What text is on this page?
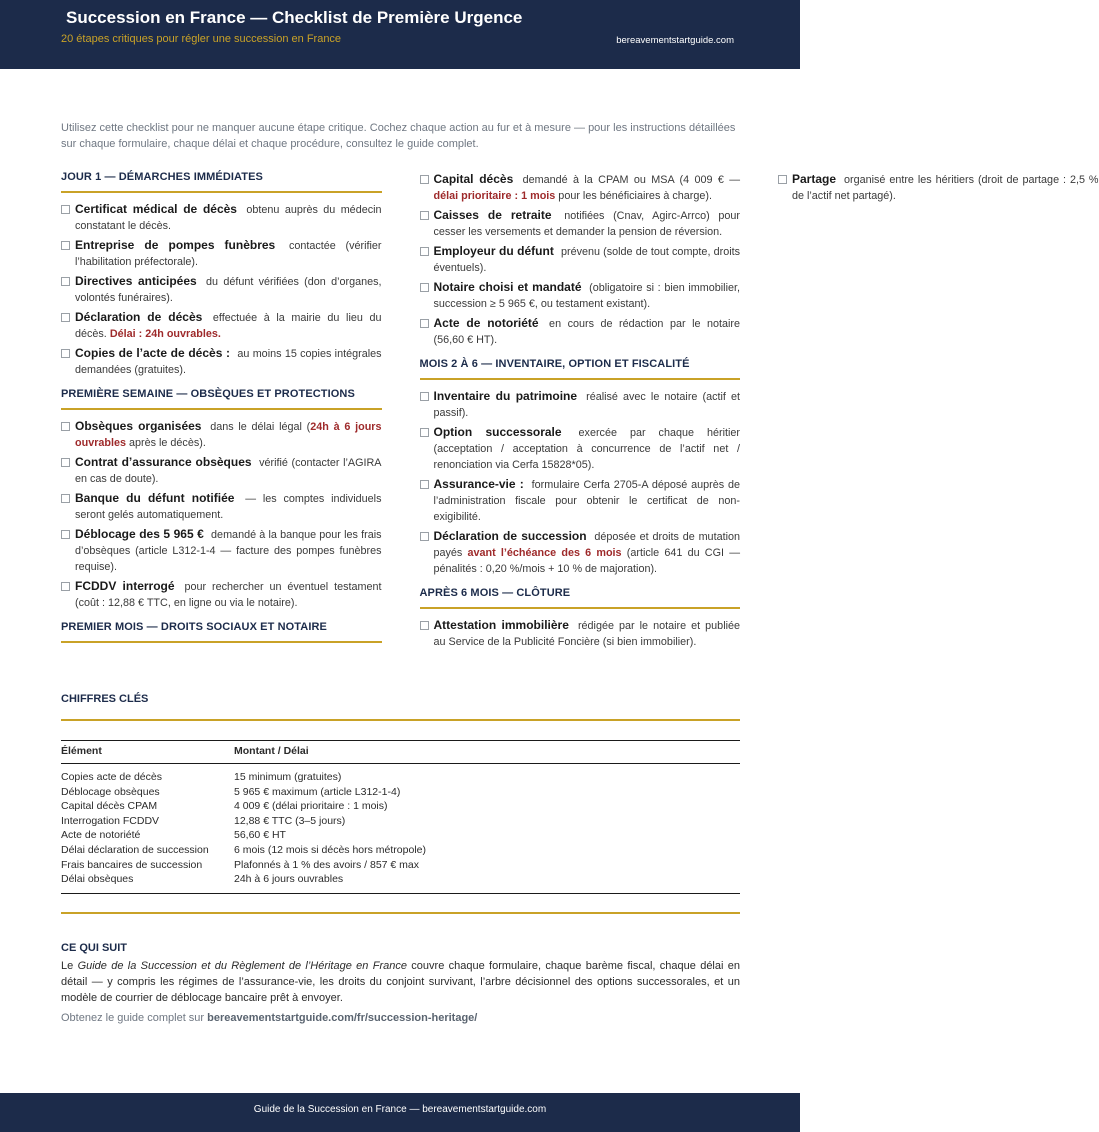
Succession en France — Checklist de Première Urgence
20 étapes critiques pour régler une succession en France	bereavementstartguide.com

Utilisez cette checklist pour ne manquer aucune étape critique. Cochez chaque action au fur et à mesure — pour les instructions détaillées sur chaque formulaire, chaque délai et chaque procédure, consultez le guide complet.

JOUR 1 — DÉMARCHES IMMÉDIATES
Certificat médical de décès obtenu auprès du médecin constatant le décès.
Entreprise de pompes funèbres contactée (vérifier l’habilitation préfectorale).
Directives anticipées du défunt vérifiées (don d’organes, volontés funéraires).
Déclaration de décès effectuée à la mairie du lieu du décès. Délai : 24h ouvrables.
Copies de l’acte de décès : au moins 15 copies intégrales demandées (gratuites).
PREMIÈRE SEMAINE — OBSÈQUES ET PROTECTIONS
Obsèques organisées dans le délai légal (24h à 6 jours ouvrables après le décès).
Contrat d’assurance obsèques vérifié (contacter l’AGIRA en cas de doute).
Banque du défunt notifiée — les comptes individuels seront gelés automatiquement.
Déblocage des 5 965 € demandé à la banque pour les frais d’obsèques (article L312-1-4 — facture des pompes funèbres requise).
FCDDV interrogé pour rechercher un éventuel testament (coût : 12,88 € TTC, en ligne ou via le notaire).
PREMIER MOIS — DROITS SOCIAUX ET NOTAIRE
Capital décès demandé à la CPAM ou MSA (4 009 € — délai prioritaire : 1 mois pour les bénéficiaires à charge).
Caisses de retraite notifiées (Cnav, Agirc-Arrco) pour cesser les versements et demander la pension de réversion.
Employeur du défunt prévenu (solde de tout compte, droits éventuels).
Notaire choisi et mandaté (obligatoire si : bien immobilier, succession ≥ 5 965 €, ou testament existant).
Acte de notoriété en cours de rédaction par le notaire (56,60 € HT).
MOIS 2 À 6 — INVENTAIRE, OPTION ET FISCALITÉ
Inventaire du patrimoine réalisé avec le notaire (actif et passif).
Option successorale exercée par chaque héritier (acceptation / acceptation à concurrence de l’actif net / renonciation via Cerfa 15828*05).
Assurance-vie : formulaire Cerfa 2705-A déposé auprès de l’administration fiscale pour obtenir le certificat de non-exigibilité.
Déclaration de succession déposée et droits de mutation payés avant l’échéance des 6 mois (article 641 du CGI — pénalités : 0,20 %/mois + 10 % de majoration).
APRÈS 6 MOIS — CLÔTURE
Attestation immobilière rédigée par le notaire et publiée au Service de la Publicité Foncière (si bien immobilier).
Partage organisé entre les héritiers (droit de partage : 2,5 % de l’actif net partagé).
CHIFFRES CLÉS
Élément	Montant / Délai
Copies acte de décès	15 minimum (gratuites)
Déblocage obsèques	5 965 € maximum (article L312-1-4)
Capital décès CPAM	4 009 € (délai prioritaire : 1 mois)
Interrogation FCDDV	12,88 € TTC (3–5 jours)
Acte de notoriété	56,60 € HT
Délai déclaration de succession	6 mois (12 mois si décès hors métropole)
Frais bancaires de succession	Plafonnés à 1 % des avoirs / 857 € max
Délai obsèques	24h à 6 jours ouvrables
CE QUI SUIT

Le Guide de la Succession et du Règlement de l’Héritage en France couvre chaque formulaire, chaque barème fiscal, chaque délai en détail — y compris les régimes de l’assurance-vie, les droits du conjoint survivant, l’arbre décisionnel des options successorales, et un modèle de courrier de déblocage bancaire prêt à envoyer.

Obtenez le guide complet sur bereavementstartguide.com/fr/succession-heritage/

Guide de la Succession en France — bereavementstartguide.com
